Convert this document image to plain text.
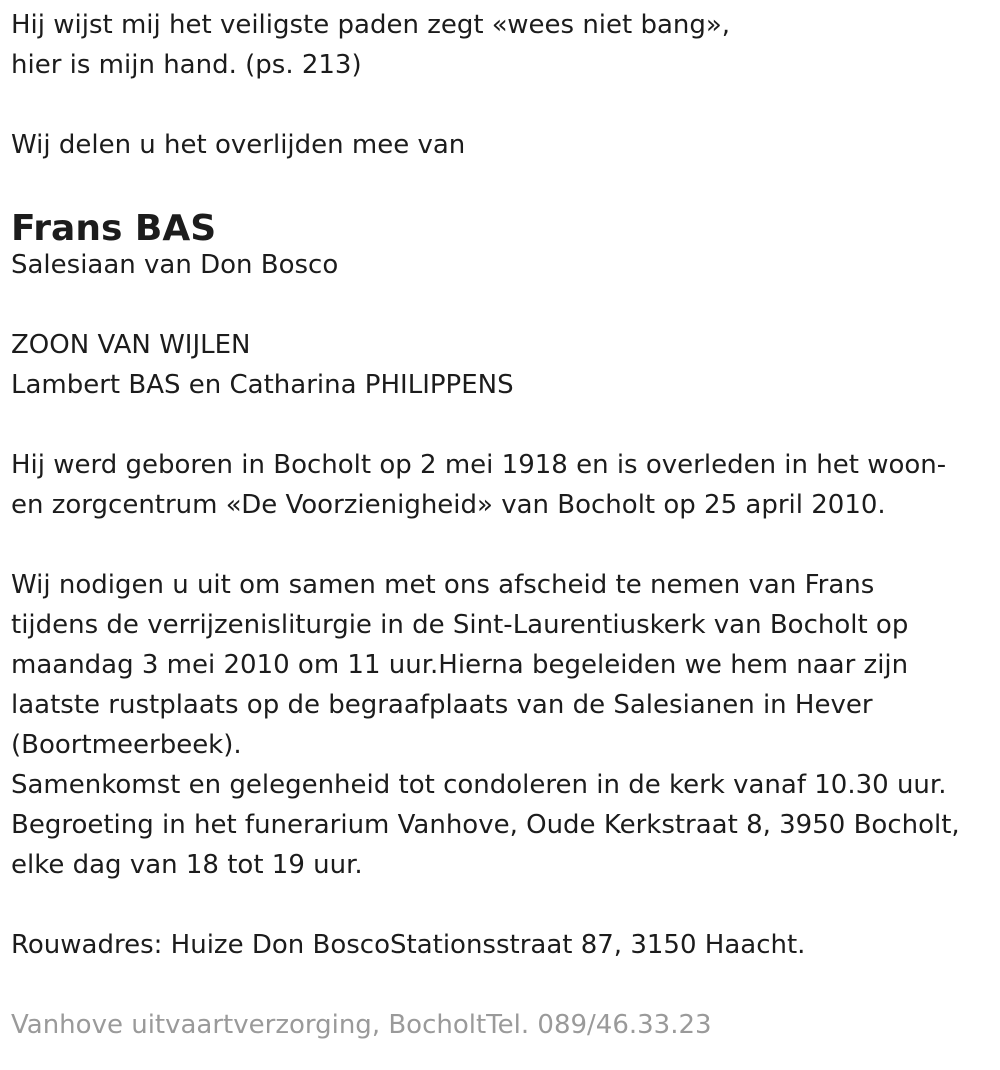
Hij wijst mij het veiligste paden zegt «wees niet bang»,
hier is mijn hand. (ps. 213)
Wij delen u het overlijden mee van
Frans BAS
Salesiaan van Don Bosco
ZOON VAN WIJLEN
Lambert BAS en Catharina PHILIPPENS
Hij werd geboren in Bocholt op 2 mei 1918 en is overleden in het woon-
en zorgcentrum «De Voorzienigheid» van Bocholt op 25 april 2010.
Wij nodigen u uit om samen met ons afscheid te nemen van Frans
tijdens de verrijzenisliturgie in de Sint-Laurentiuskerk van Bocholt op
maandag 3 mei 2010 om 11 uur.Hierna begeleiden we hem naar zijn
laatste rustplaats op de begraafplaats van de Salesianen in Hever
(Boortmeerbeek).
Samenkomst en gelegenheid tot condoleren in de kerk vanaf 10.30 uur.
Begroeting in het funerarium Vanhove, Oude Kerkstraat 8, 3950 Bocholt,
elke dag van 18 tot 19 uur.
Rouwadres: Huize Don BoscoStationsstraat 87, 3150 Haacht.
Vanhove uitvaartverzorging, BocholtTel. 089/46.33.23
